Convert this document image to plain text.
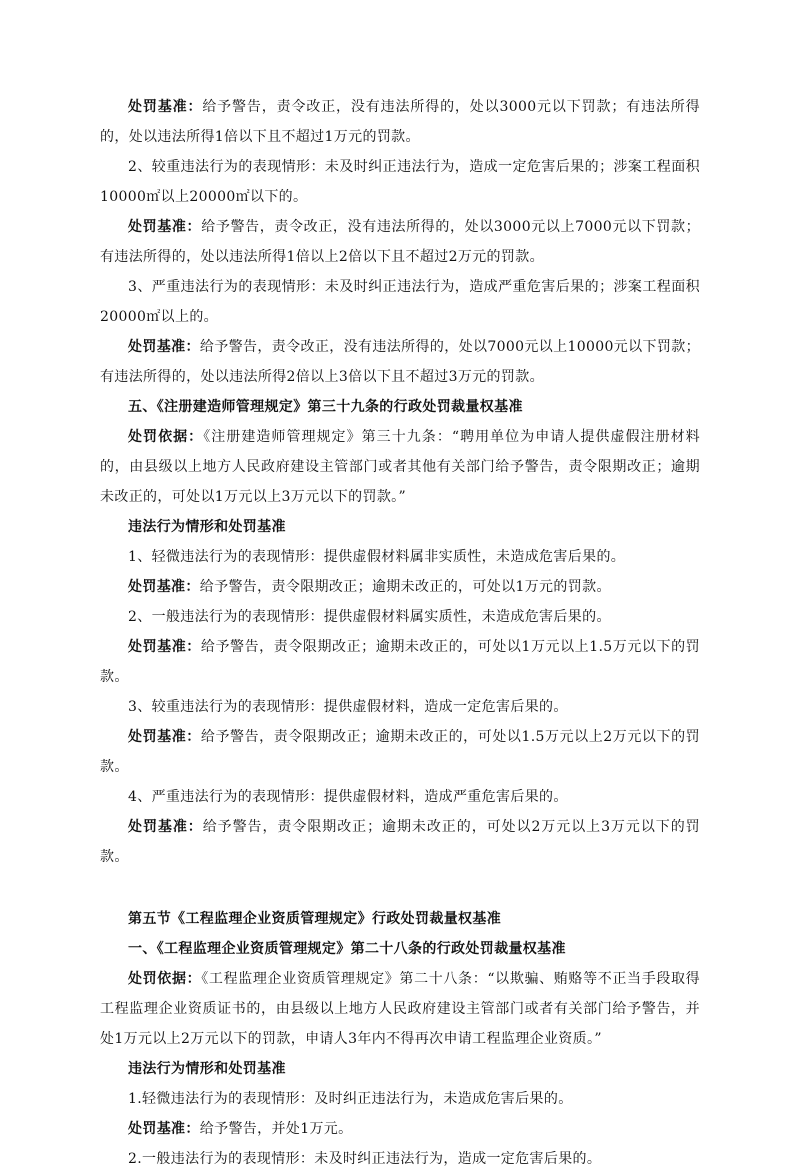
处罚基准：给予警告，责令改正，没有违法所得的，处以3000元以下罚款；有违法所得的，处以违法所得1倍以下且不超过1万元的罚款。

2、较重违法行为的表现情形：未及时纠正违法行为，造成一定危害后果的；涉案工程面积10000㎡以上20000㎡以下的。

处罚基准：给予警告，责令改正，没有违法所得的，处以3000元以上7000元以下罚款；有违法所得的，处以违法所得1倍以上2倍以下且不超过2万元的罚款。

3、严重违法行为的表现情形：未及时纠正违法行为，造成严重危害后果的；涉案工程面积20000㎡以上的。

处罚基准：给予警告，责令改正，没有违法所得的，处以7000元以上10000元以下罚款；有违法所得的，处以违法所得2倍以上3倍以下且不超过3万元的罚款。

五、《注册建造师管理规定》第三十九条的行政处罚裁量权基准

处罚依据：《注册建造师管理规定》第三十九条：“聘用单位为申请人提供虚假注册材料的，由县级以上地方人民政府建设主管部门或者其他有关部门给予警告，责令限期改正；逾期未改正的，可处以1万元以上3万元以下的罚款。”

违法行为情形和处罚基准

1、轻微违法行为的表现情形：提供虚假材料属非实质性，未造成危害后果的。

处罚基准：给予警告，责令限期改正；逾期未改正的，可处以1万元的罚款。

2、一般违法行为的表现情形：提供虚假材料属实质性，未造成危害后果的。

处罚基准：给予警告，责令限期改正；逾期未改正的，可处以1万元以上1.5万元以下的罚款。

3、较重违法行为的表现情形：提供虚假材料，造成一定危害后果的。

处罚基准：给予警告，责令限期改正；逾期未改正的，可处以1.5万元以上2万元以下的罚款。

4、严重违法行为的表现情形：提供虚假材料，造成严重危害后果的。

处罚基准：给予警告，责令限期改正；逾期未改正的，可处以2万元以上3万元以下的罚款。

第五节《工程监理企业资质管理规定》行政处罚裁量权基准

一、《工程监理企业资质管理规定》第二十八条的行政处罚裁量权基准

处罚依据：《工程监理企业资质管理规定》第二十八条：“以欺骗、贿赂等不正当手段取得工程监理企业资质证书的，由县级以上地方人民政府建设主管部门或者有关部门给予警告，并处1万元以上2万元以下的罚款，申请人3年内不得再次申请工程监理企业资质。”

违法行为情形和处罚基准

1.轻微违法行为的表现情形：及时纠正违法行为，未造成危害后果的。

处罚基准：给予警告，并处1万元。

2.一般违法行为的表现情形：未及时纠正违法行为，造成一定危害后果的。
